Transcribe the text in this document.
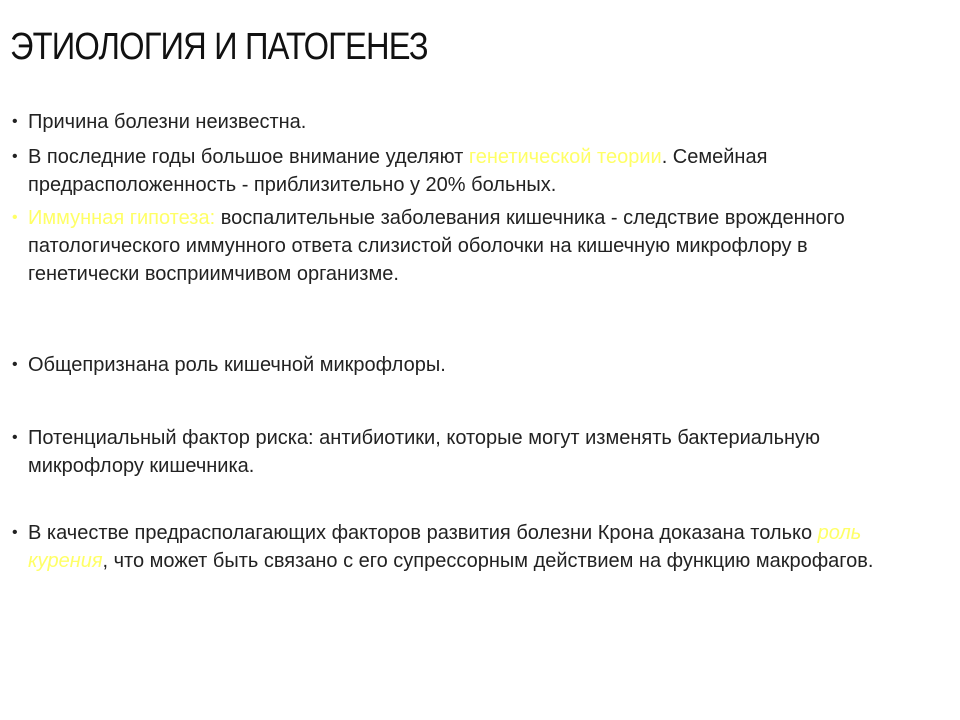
ЭТИОЛОГИЯ И ПАТОГЕНЕЗ
• Причина болезни неизвестна.
• В последние годы большое внимание уделяют генетической теории. Семейная предрасположенность - приблизительно у 20% больных.
• Иммунная гипотеза: воспалительные заболевания кишечника - следствие врожденного патологического иммунного ответа слизистой оболочки на кишечную микрофлору в генетически восприимчивом организме.
• Общепризнана роль кишечной микрофлоры.
• Потенциальный фактор риска: антибиотики, которые могут изменять бактериальную микрофлору кишечника.
• В качестве предрасполагающих факторов развития болезни Крона доказана только роль курения, что может быть связано с его супрессорным действием на функцию макрофагов.
